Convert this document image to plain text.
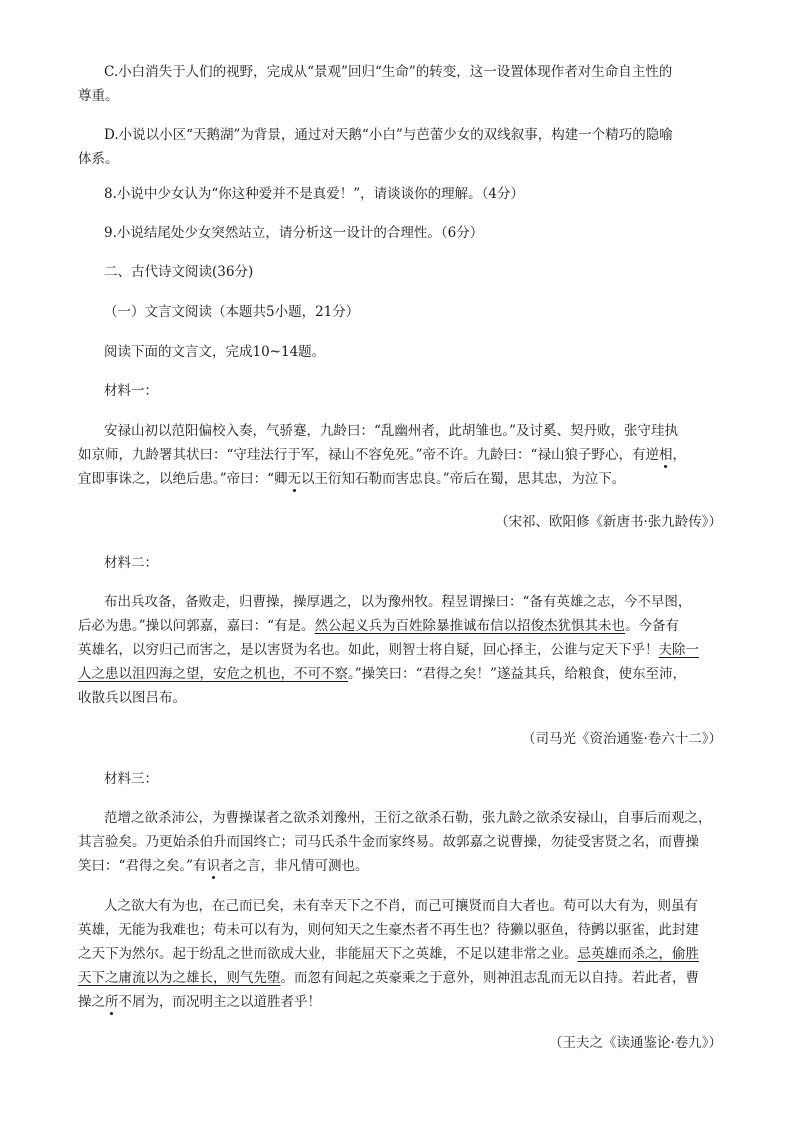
C.小白消失于人们的视野，完成从“景观”回归“生命”的转变，这一设置体现作者对生命自主性的
尊重。
D.小说以小区“天鹅湖”为背景，通过对天鹅“小白”与芭蕾少女的双线叙事，构建一个精巧的隐喻
体系。
8.小说中少女认为“你这种爱并不是真爱！”，请谈谈你的理解。（4分）
9.小说结尾处少女突然站立，请分析这一设计的合理性。（6分）
二、古代诗文阅读(36分)
（一）文言文阅读（本题共5小题，21分）
阅读下面的文言文，完成10~14题。
材料一：
安禄山初以范阳偏校入奏，气骄蹇，九龄曰：“乱幽州者，此胡雏也。”及讨奚、契丹败，张守珪执
如京师，九龄署其状曰：“守珪法行于军，禄山不容免死。”帝不许。九龄曰：“禄山狼子野心，有逆相，
宜即事诛之，以绝后患。”帝曰：“卿无以王衍知石勒而害忠良。”帝后在蜀，思其忠，为泣下。
（宋祁、欧阳修《新唐书·张九龄传》）
材料二：
布出兵攻备，备败走，归曹操，操厚遇之，以为豫州牧。程昱谓操曰：“备有英雄之志，今不早图，
后必为患。”操以问郭嘉，嘉曰：“有是。然公起义兵为百姓除暴推诚布信以招俊杰犹惧其未也。今备有
英雄名，以穷归己而害之，是以害贤为名也。如此，则智士将自疑，回心择主，公谁与定天下乎！夫除一
人之患以沮四海之望，安危之机也，不可不察。”操笑曰：“君得之矣！”遂益其兵，给粮食，使东至沛，
收散兵以图吕布。
（司马光《资治通鉴·卷六十二》）
材料三：
范增之欲杀沛公，为曹操谋者之欲杀刘豫州，王衍之欲杀石勒，张九龄之欲杀安禄山，自事后而观之，
其言验矣。乃更始杀伯升而国终亡；司马氏杀牛金而家终易。故郭嘉之说曹操，勿徒受害贤之名，而曹操
笑曰：“君得之矣。”有识者之言，非凡情可测也。
人之欲大有为也，在己而已矣，未有幸天下之不肖，而己可攘贤而自大者也。苟可以大有为，则虽有
英雄，无能为我难也；苟未可以有为，则何知天之生豪杰者不再生也？待獭以驱鱼，待鹯以驱雀，此封建
之天下为然尔。起于纷乱之世而欲成大业，非能屈天下之英雄，不足以建非常之业。忌英雄而杀之，偷胜
天下之庸流以为之雄长，则气先堕。而忽有间起之英豪乘之于意外，则神沮志乱而无以自持。若此者，曹
操之所不屑为，而况明主之以道胜者乎！
（王夫之《读通鉴论·卷九》）
